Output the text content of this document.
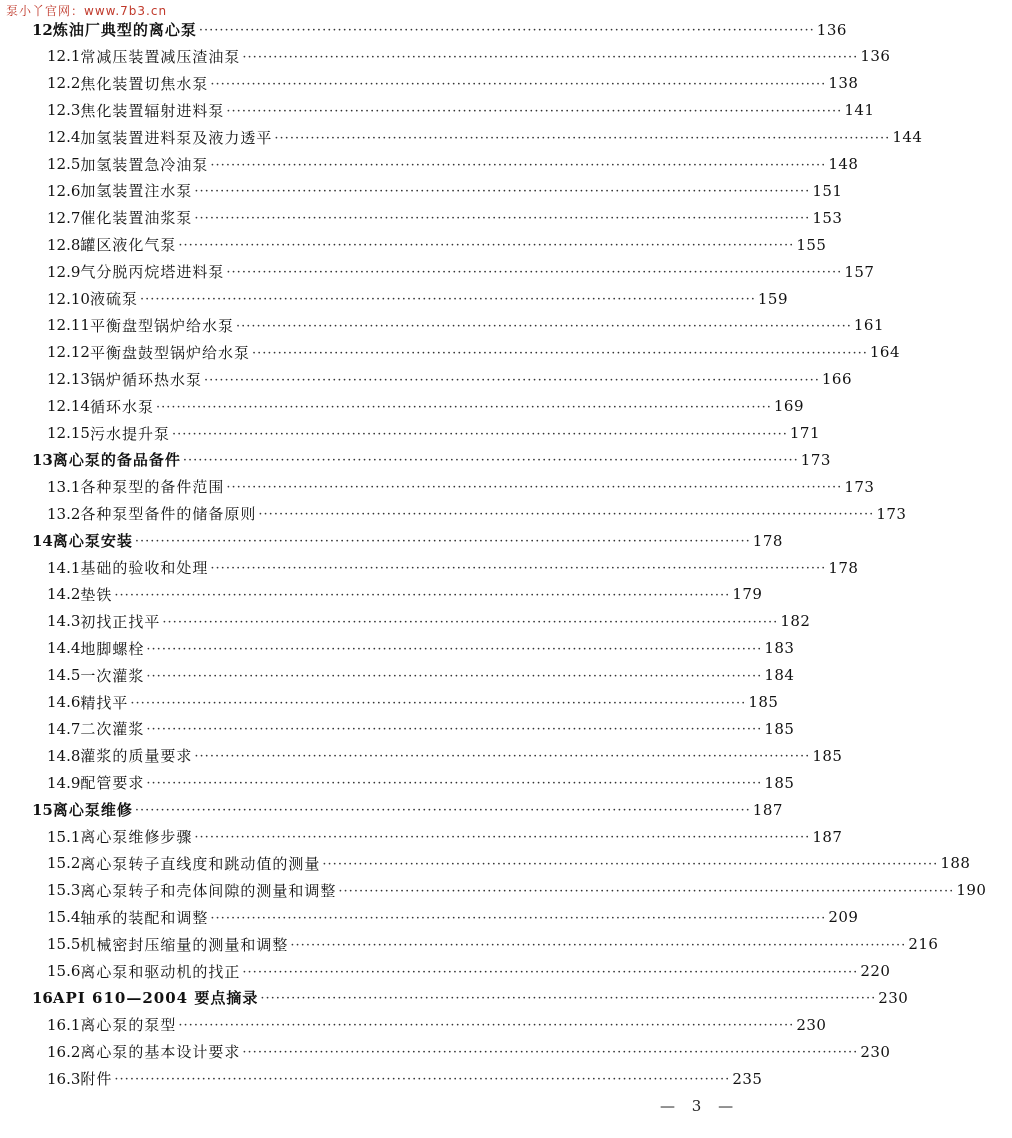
泵小丫官网：www.7b3.cn
12 炼油厂典型的离心泵 ························································································································ 136
12.1 常减压装置减压渣油泵 ························································································································ 136
12.2 焦化装置切焦水泵 ························································································································ 138
12.3 焦化装置辐射进料泵 ························································································································ 141
12.4 加氢装置进料泵及液力透平 ························································································································ 144
12.5 加氢装置急冷油泵 ························································································································ 148
12.6 加氢装置注水泵 ························································································································ 151
12.7 催化装置油浆泵 ························································································································ 153
12.8 罐区液化气泵 ························································································································ 155
12.9 气分脱丙烷塔进料泵 ························································································································ 157
12.10 液硫泵 ························································································································ 159
12.11 平衡盘型锅炉给水泵 ························································································································ 161
12.12 平衡盘鼓型锅炉给水泵 ························································································································ 164
12.13 锅炉循环热水泵 ························································································································ 166
12.14 循环水泵 ························································································································ 169
12.15 污水提升泵 ························································································································ 171
13 离心泵的备品备件 ························································································································ 173
13.1 各种泵型的备件范围 ························································································································ 173
13.2 各种泵型备件的储备原则 ························································································································ 173
14 离心泵安装 ························································································································ 178
14.1 基础的验收和处理 ························································································································ 178
14.2 垫铁 ························································································································ 179
14.3 初找正找平 ························································································································ 182
14.4 地脚螺栓 ························································································································ 183
14.5 一次灌浆 ························································································································ 184
14.6 精找平 ························································································································ 185
14.7 二次灌浆 ························································································································ 185
14.8 灌浆的质量要求 ························································································································ 185
14.9 配管要求 ························································································································ 185
15 离心泵维修 ························································································································ 187
15.1 离心泵维修步骤 ························································································································ 187
15.2 离心泵转子直线度和跳动值的测量 ························································································································ 188
15.3 离心泵转子和壳体间隙的测量和调整 ························································································································ 190
15.4 轴承的装配和调整 ························································································································ 209
15.5 机械密封压缩量的测量和调整 ························································································································ 216
15.6 离心泵和驱动机的找正 ························································································································ 220
16 API 610—2004 要点摘录 ························································································································ 230
16.1 离心泵的泵型 ························································································································ 230
16.2 离心泵的基本设计要求 ························································································································ 230
16.3 附件 ························································································································ 235
— 3 —
